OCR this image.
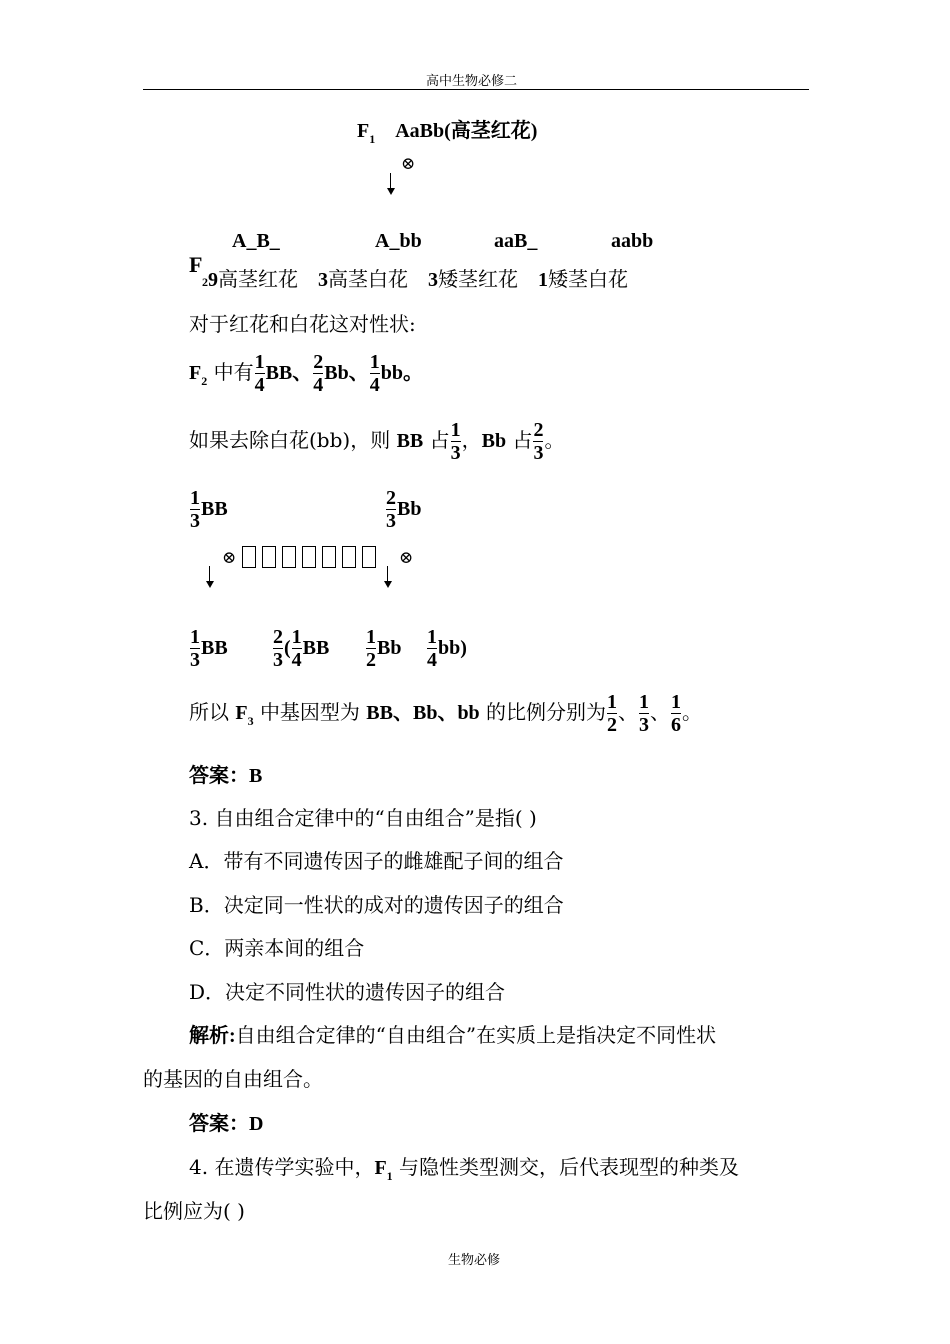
高中生物必修二
$F_1$ AaBb(高茎红花)
⊗
A_B_	A_bb	aaB_	aabb
F
29高茎红花 3高茎白花 3矮茎红花 1矮茎白花
对于红花和白花这对性状:
$F_2$ 中有 $\frac{1}{4}$ BB、 $\frac{2}{4}$ Bb、 $\frac{1}{4}$ bb。
如果去除白花(bb)，则 BB 占 $\frac{1}{3}$ ，Bb 占 $\frac{2}{3}$ 。
$\frac{1}{3}$ BB	$\frac{2}{3}$ Bb
⊗	⊗
$\frac{1}{3}$ BB $\frac{2}{3}$ ( $\frac{1}{4}$ BB $\frac{1}{2}$ Bb $\frac{1}{4} bb$)
所以 $F_3$ 中基因型为 BB、Bb、bb 的比例分别为 $\frac{1}{2}$ 、 $\frac{1}{3}$ 、 $\frac{1}{6}$ 。
答案：B
3. 自由组合定律中的“自由组合”是指( )
A．带有不同遗传因子的雌雄配子间的组合
B．决定同一性状的成对的遗传因子的组合
C．两亲本间的组合
D．决定不同性状的遗传因子的组合
解析:自由组合定律的“自由组合”在实质上是指决定不同性状
的基因的自由组合。
答案：D
4. 在遗传学实验中，$F_1$ 与隐性类型测交，后代表现型的种类及
比例应为( )
生物必修
